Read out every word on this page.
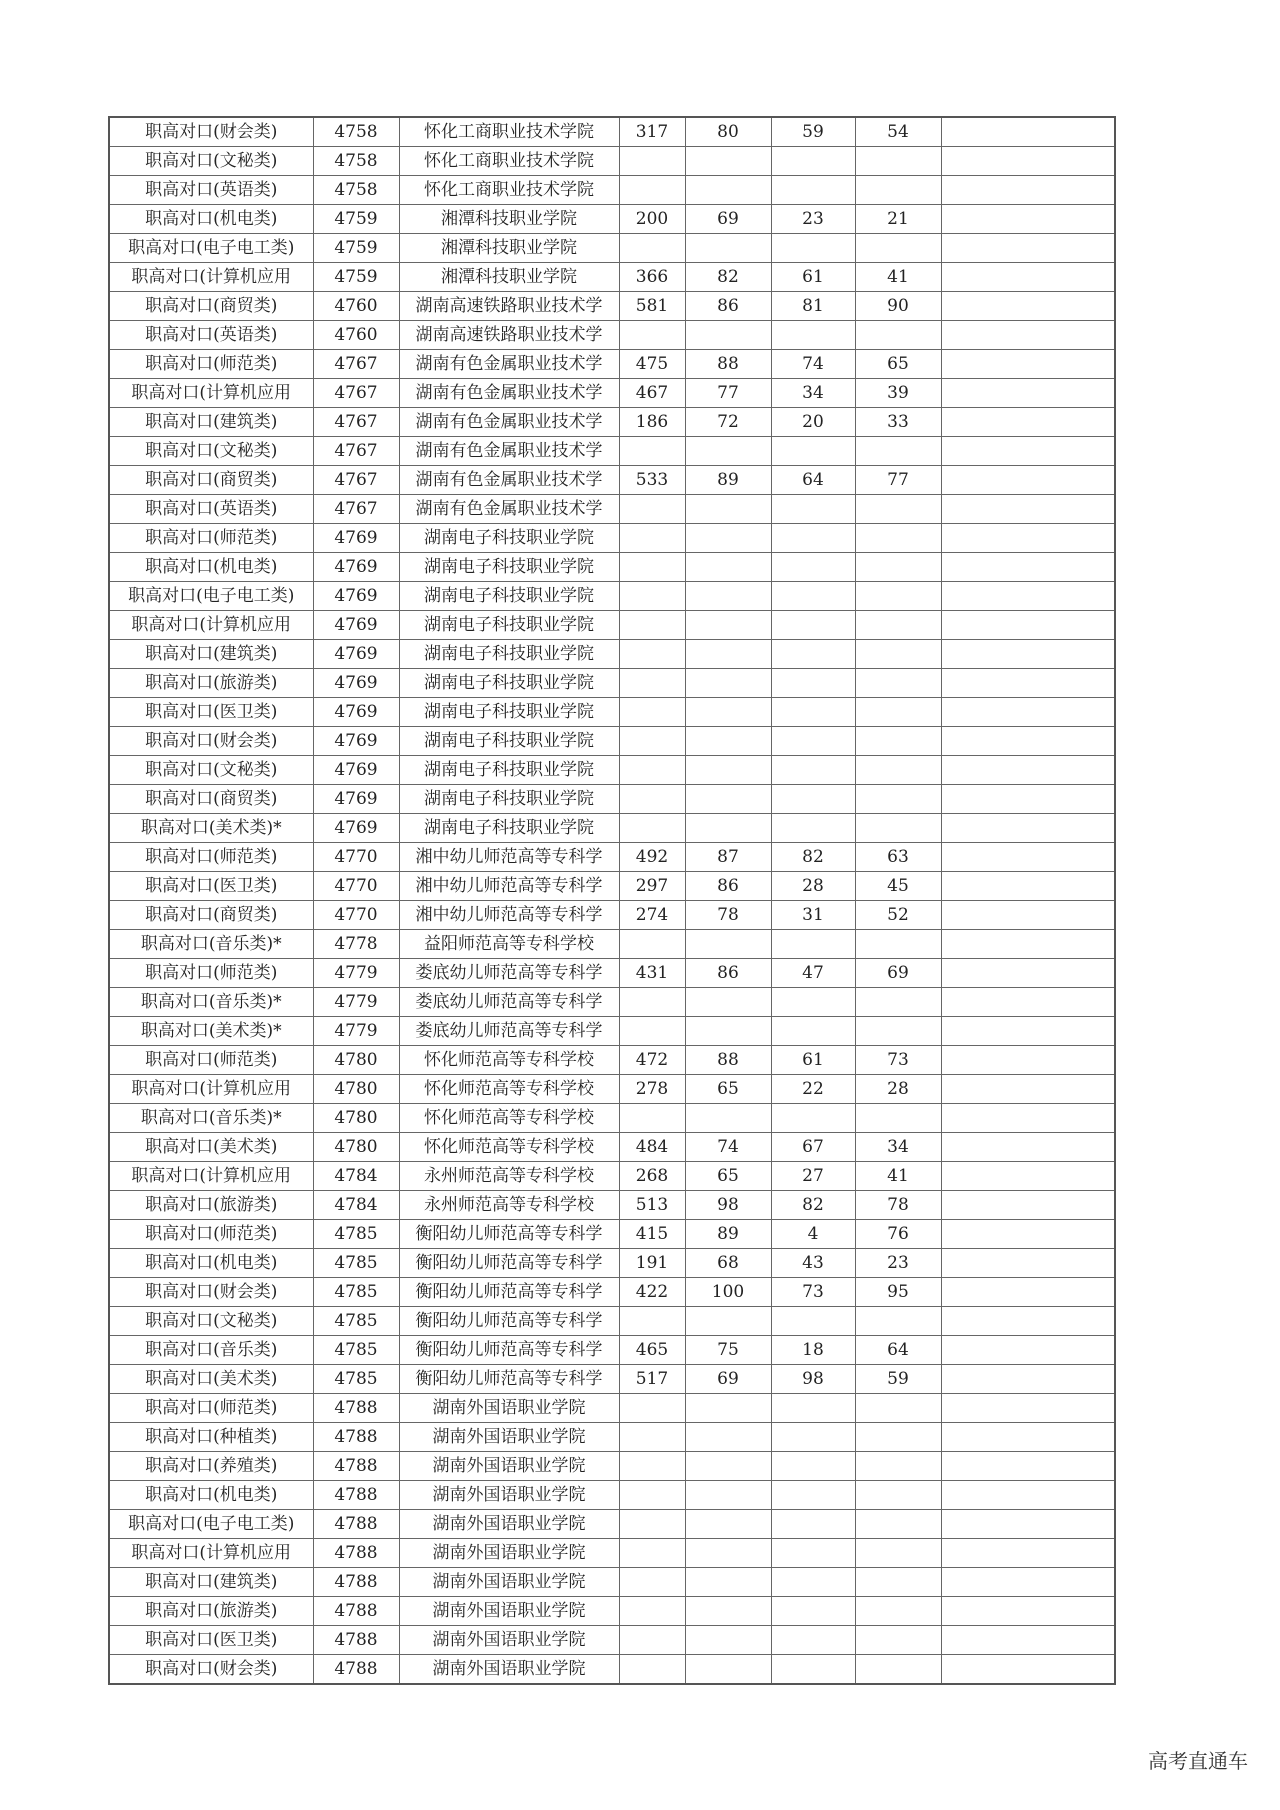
职高对口(财会类)	4758	怀化工商职业技术学院	317	80	59	54	
职高对口(文秘类)	4758	怀化工商职业技术学院					
职高对口(英语类)	4758	怀化工商职业技术学院					
职高对口(机电类)	4759	湘潭科技职业学院	200	69	23	21	
职高对口(电子电工类)	4759	湘潭科技职业学院					
职高对口(计算机应用	4759	湘潭科技职业学院	366	82	61	41	
职高对口(商贸类)	4760	湖南高速铁路职业技术学	581	86	81	90	
职高对口(英语类)	4760	湖南高速铁路职业技术学					
职高对口(师范类)	4767	湖南有色金属职业技术学	475	88	74	65	
职高对口(计算机应用	4767	湖南有色金属职业技术学	467	77	34	39	
职高对口(建筑类)	4767	湖南有色金属职业技术学	186	72	20	33	
职高对口(文秘类)	4767	湖南有色金属职业技术学					
职高对口(商贸类)	4767	湖南有色金属职业技术学	533	89	64	77	
职高对口(英语类)	4767	湖南有色金属职业技术学					
职高对口(师范类)	4769	湖南电子科技职业学院					
职高对口(机电类)	4769	湖南电子科技职业学院					
职高对口(电子电工类)	4769	湖南电子科技职业学院					
职高对口(计算机应用	4769	湖南电子科技职业学院					
职高对口(建筑类)	4769	湖南电子科技职业学院					
职高对口(旅游类)	4769	湖南电子科技职业学院					
职高对口(医卫类)	4769	湖南电子科技职业学院					
职高对口(财会类)	4769	湖南电子科技职业学院					
职高对口(文秘类)	4769	湖南电子科技职业学院					
职高对口(商贸类)	4769	湖南电子科技职业学院					
职高对口(美术类)*	4769	湖南电子科技职业学院					
职高对口(师范类)	4770	湘中幼儿师范高等专科学	492	87	82	63	
职高对口(医卫类)	4770	湘中幼儿师范高等专科学	297	86	28	45	
职高对口(商贸类)	4770	湘中幼儿师范高等专科学	274	78	31	52	
职高对口(音乐类)*	4778	益阳师范高等专科学校					
职高对口(师范类)	4779	娄底幼儿师范高等专科学	431	86	47	69	
职高对口(音乐类)*	4779	娄底幼儿师范高等专科学					
职高对口(美术类)*	4779	娄底幼儿师范高等专科学					
职高对口(师范类)	4780	怀化师范高等专科学校	472	88	61	73	
职高对口(计算机应用	4780	怀化师范高等专科学校	278	65	22	28	
职高对口(音乐类)*	4780	怀化师范高等专科学校					
职高对口(美术类)	4780	怀化师范高等专科学校	484	74	67	34	
职高对口(计算机应用	4784	永州师范高等专科学校	268	65	27	41	
职高对口(旅游类)	4784	永州师范高等专科学校	513	98	82	78	
职高对口(师范类)	4785	衡阳幼儿师范高等专科学	415	89	4	76	
职高对口(机电类)	4785	衡阳幼儿师范高等专科学	191	68	43	23	
职高对口(财会类)	4785	衡阳幼儿师范高等专科学	422	100	73	95	
职高对口(文秘类)	4785	衡阳幼儿师范高等专科学					
职高对口(音乐类)	4785	衡阳幼儿师范高等专科学	465	75	18	64	
职高对口(美术类)	4785	衡阳幼儿师范高等专科学	517	69	98	59	
职高对口(师范类)	4788	湖南外国语职业学院					
职高对口(种植类)	4788	湖南外国语职业学院					
职高对口(养殖类)	4788	湖南外国语职业学院					
职高对口(机电类)	4788	湖南外国语职业学院					
职高对口(电子电工类)	4788	湖南外国语职业学院					
职高对口(计算机应用	4788	湖南外国语职业学院					
职高对口(建筑类)	4788	湖南外国语职业学院					
职高对口(旅游类)	4788	湖南外国语职业学院					
职高对口(医卫类)	4788	湖南外国语职业学院					
职高对口(财会类)	4788	湖南外国语职业学院					
高考直通车
